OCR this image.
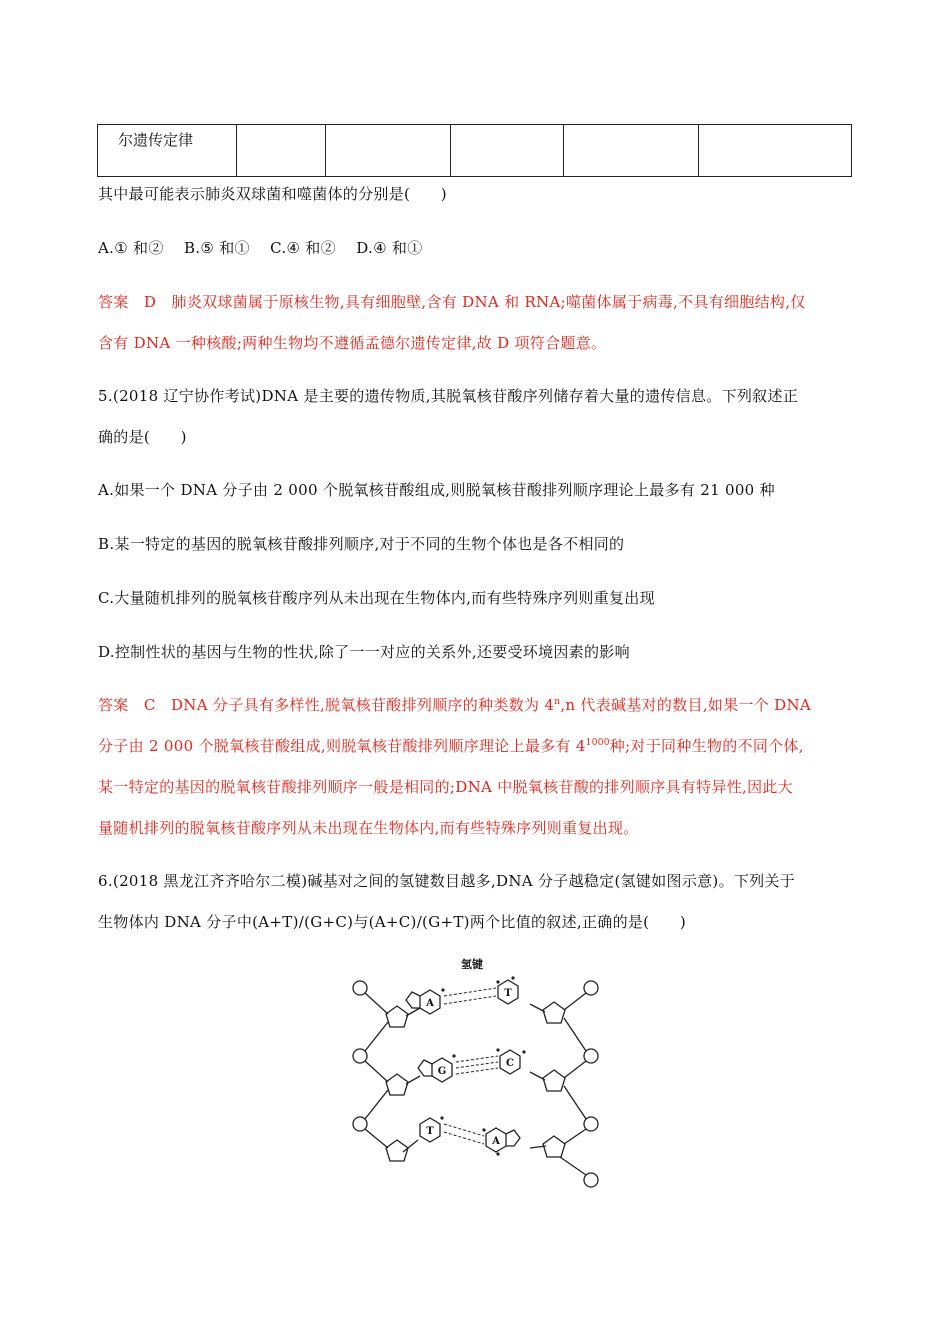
尔遗传定律					
其中最可能表示肺炎双球菌和噬菌体的分别是(　　)
A.① 和②　 B.⑤ 和①　 C.④ 和②　 D.④ 和①
答案　D　肺炎双球菌属于原核生物,具有细胞壁,含有 DNA 和 RNA;噬菌体属于病毒,不具有细胞结构,仅
含有 DNA 一种核酸;两种生物均不遵循孟德尔遗传定律,故 D 项符合题意。
5.(2018 辽宁协作考试)DNA 是主要的遗传物质,其脱氧核苷酸序列储存着大量的遗传信息。下列叙述正
确的是(　　)
A.如果一个 DNA 分子由 2 000 个脱氧核苷酸组成,则脱氧核苷酸排列顺序理论上最多有 21 000 种
B.某一特定的基因的脱氧核苷酸排列顺序,对于不同的生物个体也是各不相同的
C.大量随机排列的脱氧核苷酸序列从未出现在生物体内,而有些特殊序列则重复出现
D.控制性状的基因与生物的性状,除了一一对应的关系外,还要受环境因素的影响
答案　C　DNA 分子具有多样性,脱氧核苷酸排列顺序的种类数为 4$^n$,n 代表碱基对的数目,如果一个 DNA
分子由 2 000 个脱氧核苷酸组成,则脱氧核苷酸排列顺序理论上最多有 $4^{1000}$种;对于同种生物的不同个体,
某一特定的基因的脱氧核苷酸排列顺序一般是相同的;DNA 中脱氧核苷酸的排列顺序具有特异性,因此大
量随机排列的脱氧核苷酸序列从未出现在生物体内,而有些特殊序列则重复出现。
6.(2018 黑龙江齐齐哈尔二模)碱基对之间的氢键数目越多,DNA 分子越稳定(氢键如图示意)。下列关于
生物体内 DNA 分子中(A+T)/(G+C)与(A+C)/(G+T)两个比值的叙述,正确的是(　　)
氢键
A
T
G
C
T
A
